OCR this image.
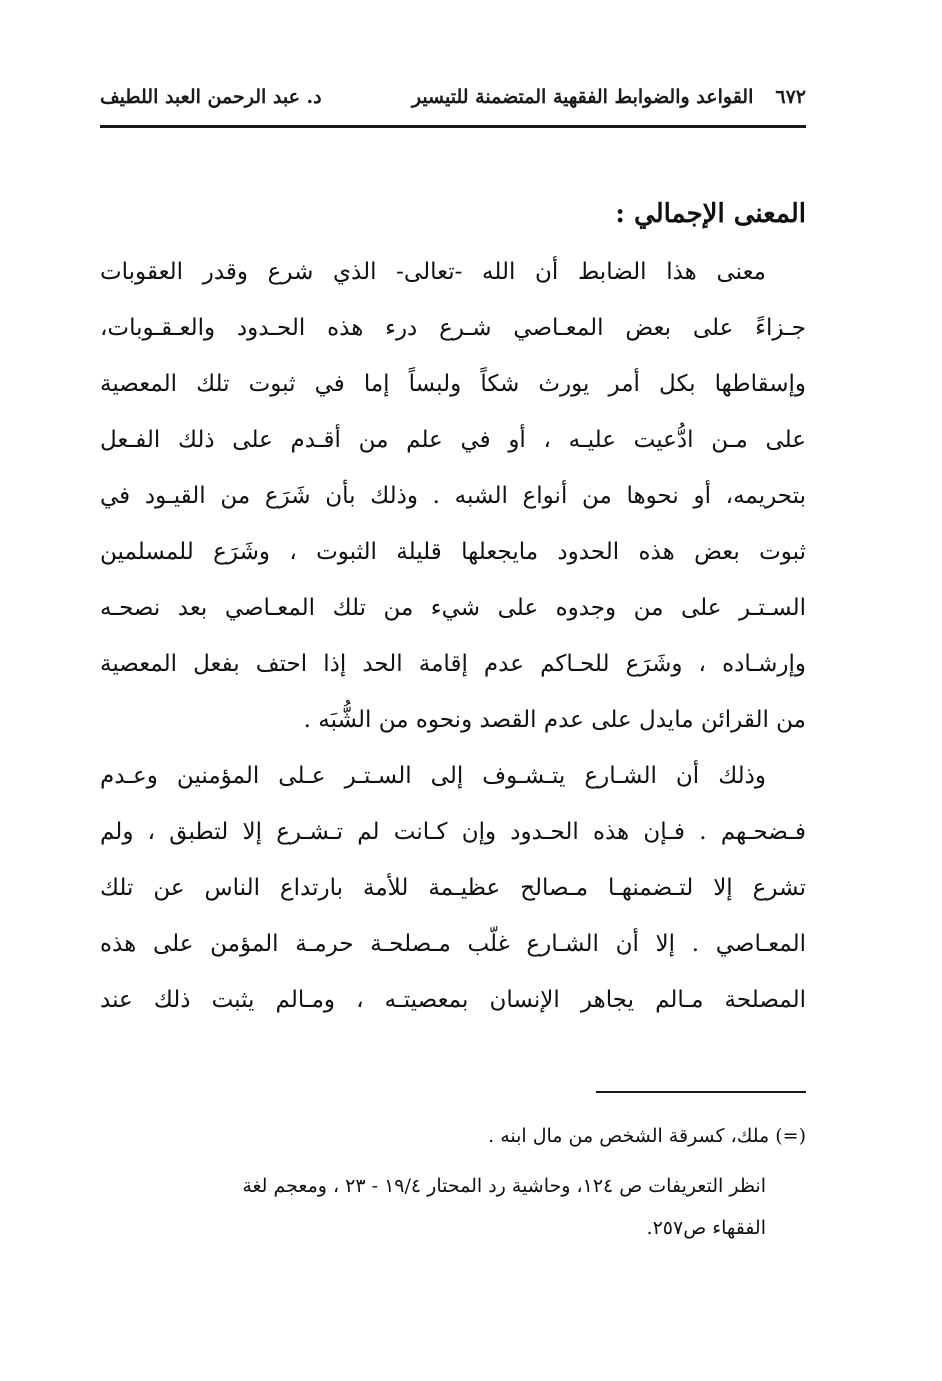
٦٧٢
القواعد والضوابط الفقهية المتضمنة للتيسير
د. عبد الرحمن العبد اللطيف
المعنى الإجمالي :

معنى هذا الضابط أن الله -تعالى- الذي شرع وقدر العقوبات

جـزاءً على بعض المعـاصي شـرع درء هذه الحـدود والعـقـوبات،

وإسقاطها بكل أمر يورث شكاً ولبساً إما في ثبوت تلك المعصية

على مـن ادُّعيت عليـه ، أو في علم من أقـدم على ذلك الفـعل

بتحريمه، أو نحوها من أنواع الشبه . وذلك بأن شَرَع من القيـود في

ثبوت بعض هذه الحدود مايجعلها قليلة الثبوت ، وشَرَع للمسلمين

السـتـر على من وجدوه على شيء من تلك المعـاصي بعد نصحـه

وإرشـاده ، وشَرَع للحـاكم عدم إقامة الحد إذا احتف بفعل المعصية

من القرائن مايدل على عدم القصد ونحوه من الشُّبَه .

وذلك أن الشـارع يتـشـوف إلى السـتـر عـلى المؤمنين وعـدم

فـضحـهم . فـإن هذه الحـدود وإن كـانت لم تـشـرع إلا لتطبق ، ولم

تشرع إلا لتـضمنهـا مـصالح عظيـمة للأمة بارتداع الناس عن تلك

المعـاصي . إلا أن الشـارع غلّب مـصلحـة حرمـة المؤمن على هذه

المصلحة مـالم يجاهر الإنسان بمعصيتـه ، ومـالم يثبت ذلك عند

(=) ملك، كسرقة الشخص من مال ابنه .

انظر التعريفات ص ١٢٤، وحاشية رد المحتار ١٩/٤ - ٢٣ ، ومعجم لغة

الفقهاء ص٢٥٧.
